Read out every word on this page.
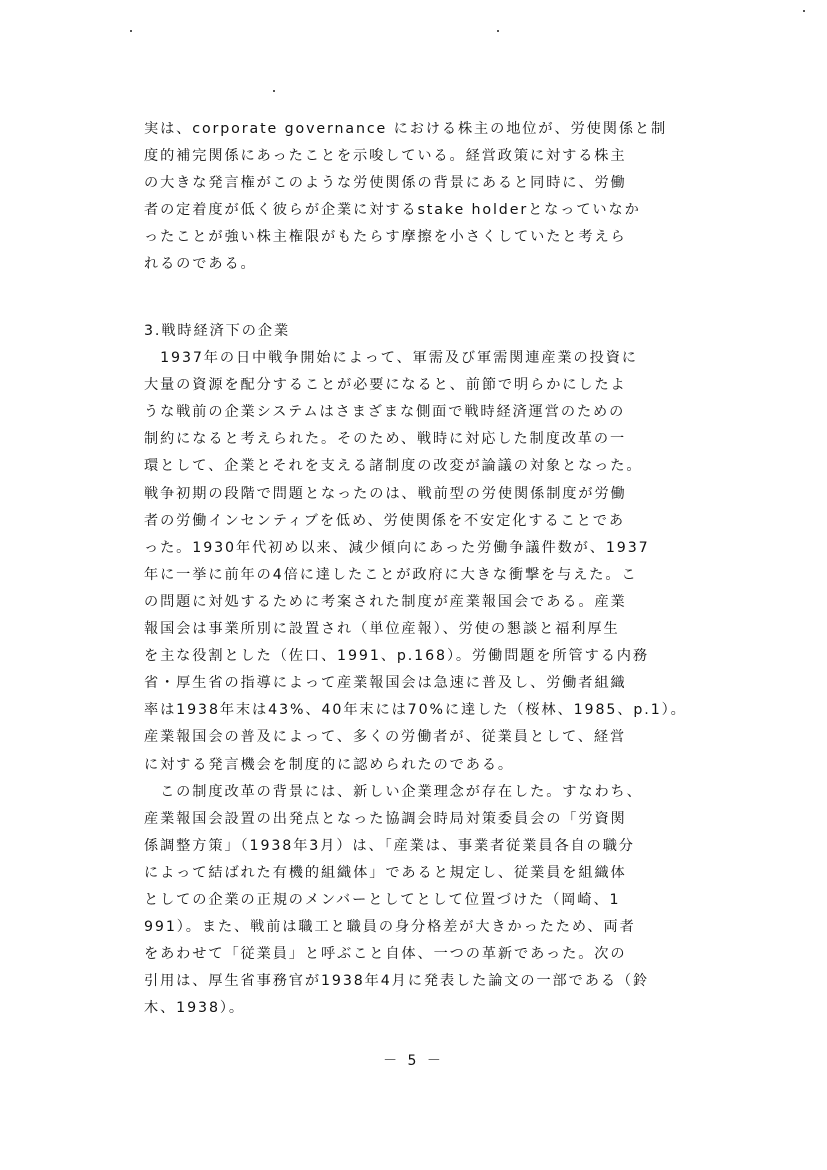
実は、corporate governance における株主の地位が、労使関係と制
度的補完関係にあったことを示唆している。経営政策に対する株主
の大きな発言権がこのような労使関係の背景にあると同時に、労働
者の定着度が低く彼らが企業に対するstake holderとなっていなか
ったことが強い株主権限がもたらす摩擦を小さくしていたと考えら
れるのである。
3.戦時経済下の企業
　1937年の日中戦争開始によって、軍需及び軍需関連産業の投資に
大量の資源を配分することが必要になると、前節で明らかにしたよ
うな戦前の企業システムはさまざまな側面で戦時経済運営のための
制約になると考えられた。そのため、戦時に対応した制度改革の一
環として、企業とそれを支える諸制度の改変が論議の対象となった。
戦争初期の段階で問題となったのは、戦前型の労使関係制度が労働
者の労働インセンティブを低め、労使関係を不安定化することであ
った。1930年代初め以来、減少傾向にあった労働争議件数が、1937
年に一挙に前年の4倍に達したことが政府に大きな衝撃を与えた。こ
の問題に対処するために考案された制度が産業報国会である。産業
報国会は事業所別に設置され（単位産報）、労使の懇談と福利厚生
を主な役割とした（佐口、1991、p.168）。労働問題を所管する内務
省・厚生省の指導によって産業報国会は急速に普及し、労働者組織
率は1938年末は43%、40年末には70%に達した（桜林、1985、p.1）。
産業報国会の普及によって、多くの労働者が、従業員として、経営
に対する発言機会を制度的に認められたのである。
　この制度改革の背景には、新しい企業理念が存在した。すなわち、
産業報国会設置の出発点となった協調会時局対策委員会の「労資関
係調整方策」（1938年3月）は、「産業は、事業者従業員各自の職分
によって結ばれた有機的組織体」であると規定し、従業員を組織体
としての企業の正規のメンバーとしてとして位置づけた（岡崎、1
991）。また、戦前は職工と職員の身分格差が大きかったため、両者
をあわせて「従業員」と呼ぶこと自体、一つの革新であった。次の
引用は、厚生省事務官が1938年4月に発表した論文の一部である（鈴
木、1938）。
－ 5 －
